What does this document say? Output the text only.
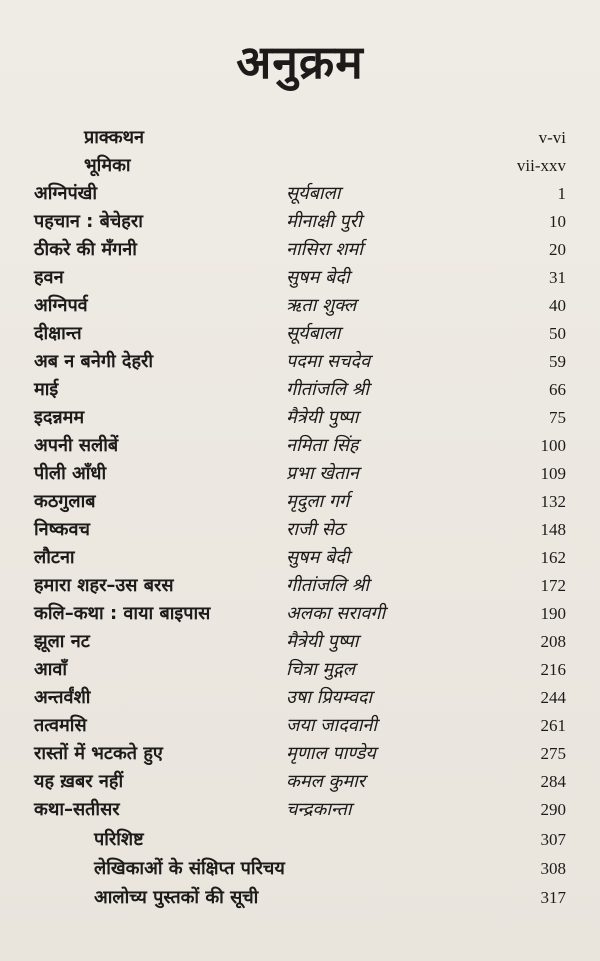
अनुक्रम
प्राक्कथन	v-vi
भूमिका	vii-xxv
अग्निपंखी	सूर्यबाला	1
पहचान : बेचेहरा	मीनाक्षी पुरी	10
ठीकरे की मँगनी	नासिरा शर्मा	20
हवन	सुषम बेदी	31
अग्निपर्व	ऋता शुक्ल	40
दीक्षान्त	सूर्यबाला	50
अब न बनेगी देहरी	पदमा सचदेव	59
माई	गीतांजलि श्री	66
इदन्नमम	मैत्रेयी पुष्पा	75
अपनी सलीबें	नमिता सिंह	100
पीली आँधी	प्रभा खेतान	109
कठगुलाब	मृदुला गर्ग	132
निष्कवच	राजी सेठ	148
लौटना	सुषम बेदी	162
हमारा शहर–उस बरस	गीतांजलि श्री	172
कलि–कथा : वाया बाइपास	अलका सरावगी	190
झूला नट	मैत्रेयी पुष्पा	208
आवाँ	चित्रा मुद्गल	216
अन्तर्वंशी	उषा प्रियम्वदा	244
तत्वमसि	जया जादवानी	261
रास्तों में भटकते हुए	मृणाल पाण्डेय	275
यह ख़बर नहीं	कमल कुमार	284
कथा–सतीसर	चन्द्रकान्ता	290
परिशिष्ट	307
लेखिकाओं के संक्षिप्त परिचय	308
आलोच्य पुस्तकों की सूची	317
